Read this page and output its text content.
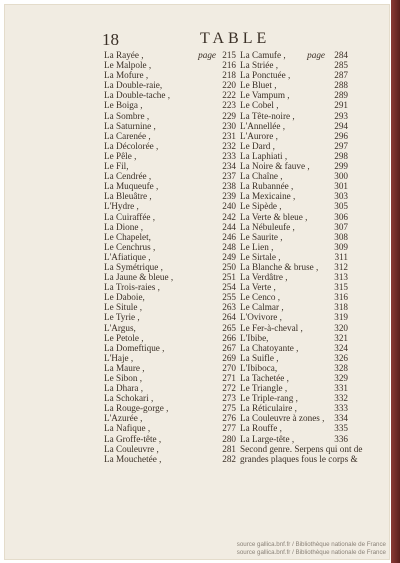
18	TABLE
La Rayée ,	page 215
Le Malpole ,	216
La Mofure ,	218
La Double-raie,	220
La Double-tache ,	222
Le Boiga ,	223
La Sombre ,	229
La Saturnine ,	230
La Carenée ,	231
La Décolorée ,	232
Le Pêle ,	233
Le Fil,	234
La Cendrée ,	237
La Muqueufe ,	238
La Bleuâtre ,	239
L'Hydre ,	240
La Cuiraffée ,	242
La Dione ,	244
Le Chapelet,	246
Le Cenchrus ,	248
L'Afiatique ,	249
La Symétrique ,	250
La Jaune & bleue ,	251
La Trois-raies ,	254
Le Daboie,	255
Le Situle ,	263
Le Tyrie ,	264
L'Argus,	265
Le Petole ,	266
La Domeftique ,	267
L'Haje ,	269
La Maure ,	270
Le Sibon ,	271
La Dhara ,	272
La Schokari ,	273
La Rouge-gorge ,	275
L'Azurée ,	276
La Nafique ,	277
La Groffe-tête ,	280
La Couleuvre ,	281
La Mouchetée ,	282
La Camufe , page 284
La Striée ,	285
La Ponctuée ,	287
Le Bluet ,	288
Le Vampum ,	289
Le Cobel ,	291
La Tête-noire ,	293
L'Annellée ,	294
L'Aurore ,	296
Le Dard ,	297
La Laphiati ,	298
La Noire & fauve ,	299
La Chaîne ,	300
La Rubannée ,	301
La Mexicaine ,	303
Le Sipède ,	305
La Verte & bleue ,	306
La Nébuleufe ,	307
Le Saurite ,	308
Le Lien ,	309
Le Sirtale ,	311
La Blanche & bruse , 312
La Verdâtre ,	313
La Verte ,	315
Le Cenco ,	316
Le Calmar ,	318
L'Ovivore ,	319
Le Fer-à-cheval ,	320
L'Ibibe,	321
La Chatoyante ,	324
La Suifle ,	326
L'Ibiboca,	328
La Tachetée ,	329
Le Triangle ,	331
Le Triple-rang ,	332
La Réticulaire ,	333
La Couleuvre à zones , 334
La Rouffe ,	335
La Large-tête ,	336
Second genre. Serpens qui ont de
grandes plaques fous le corps &
source gallica.bnf.fr / Bibliothèque nationale de France
source gallica.bnf.fr / Bibliothèque nationale de France
